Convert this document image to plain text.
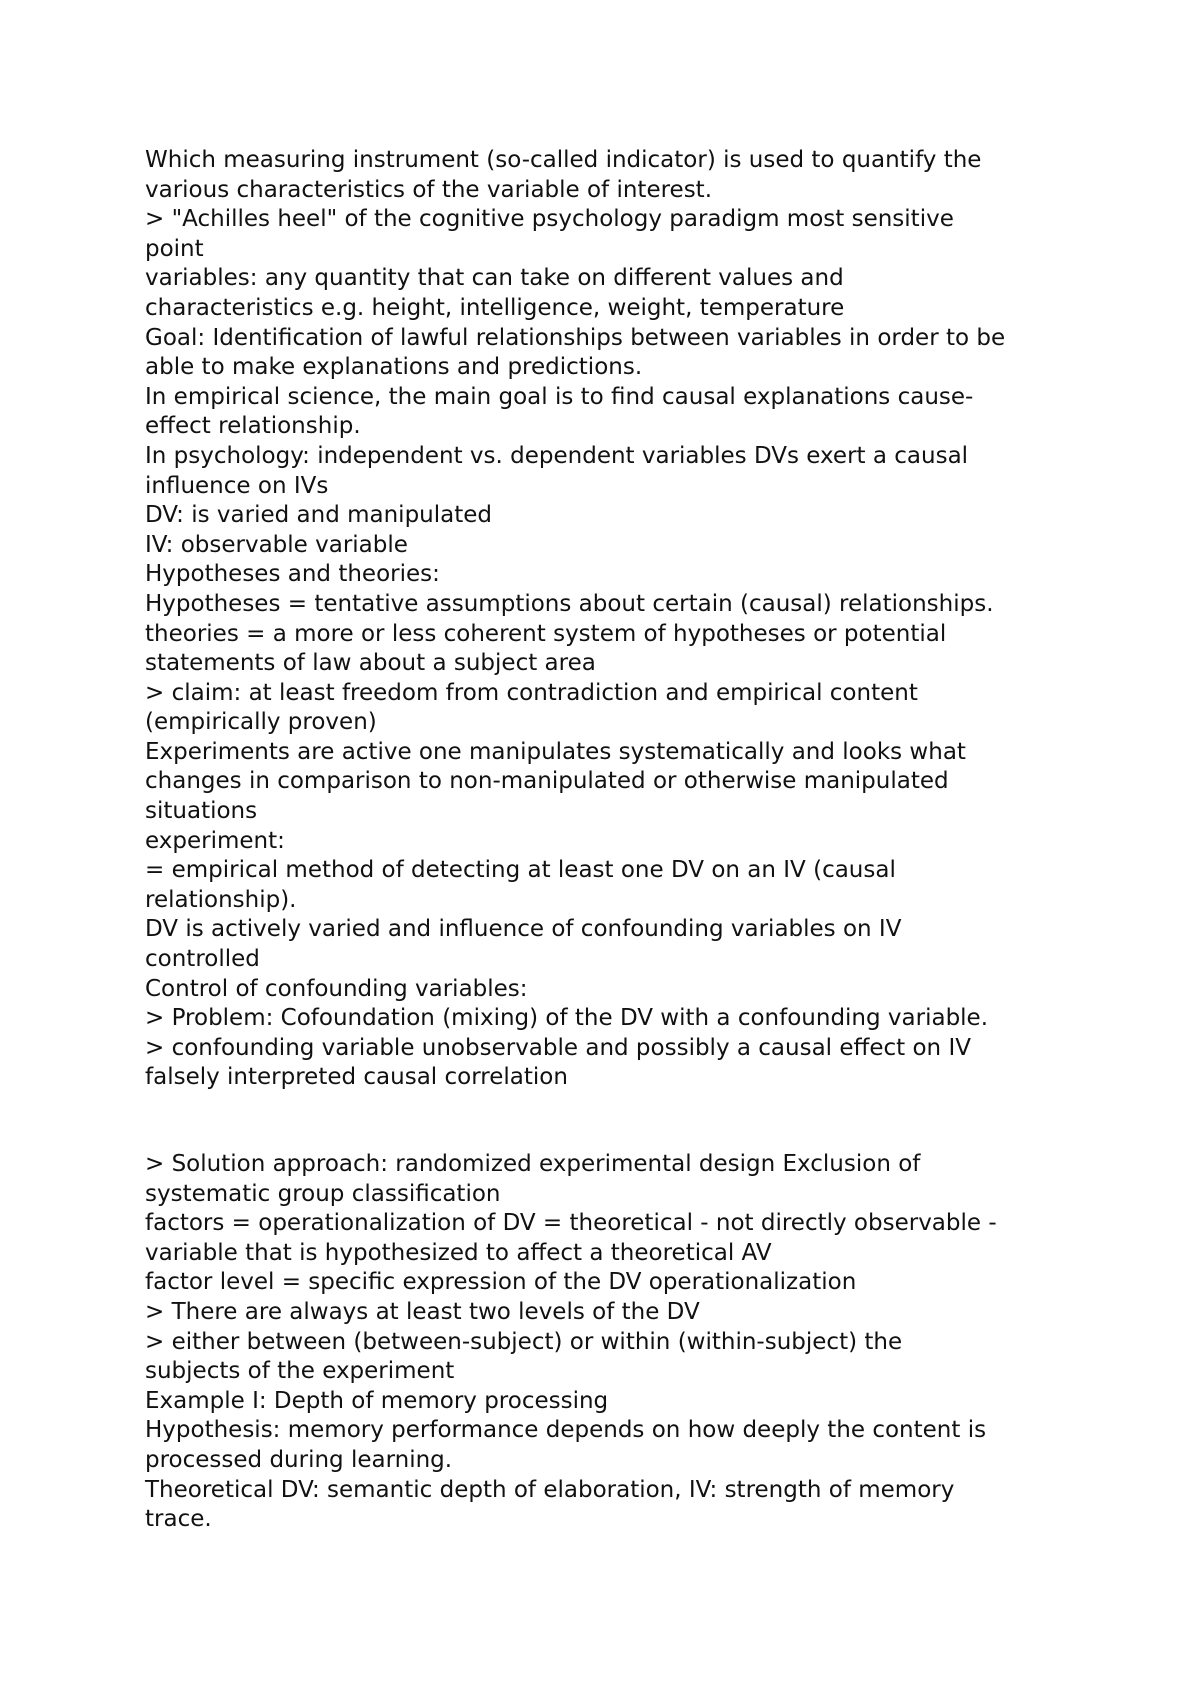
Which measuring instrument (so-called indicator) is used to quantify the
various characteristics of the variable of interest.
> "Achilles heel" of the cognitive psychology paradigm most sensitive
point
variables: any quantity that can take on different values and
characteristics e.g. height, intelligence, weight, temperature
Goal: Identification of lawful relationships between variables in order to be
able to make explanations and predictions.
In empirical science, the main goal is to find causal explanations cause-
effect relationship.
In psychology: independent vs. dependent variables DVs exert a causal
influence on IVs
DV: is varied and manipulated
IV: observable variable
Hypotheses and theories:
Hypotheses = tentative assumptions about certain (causal) relationships.
theories = a more or less coherent system of hypotheses or potential
statements of law about a subject area
> claim: at least freedom from contradiction and empirical content
(empirically proven)
Experiments are active one manipulates systematically and looks what
changes in comparison to non-manipulated or otherwise manipulated
situations
experiment:
= empirical method of detecting at least one DV on an IV (causal
relationship).
DV is actively varied and influence of confounding variables on IV
controlled
Control of confounding variables:
> Problem: Cofoundation (mixing) of the DV with a confounding variable.
> confounding variable unobservable and possibly a causal effect on IV
falsely interpreted causal correlation
> Solution approach: randomized experimental design Exclusion of
systematic group classification
factors = operationalization of DV = theoretical - not directly observable -
variable that is hypothesized to affect a theoretical AV
factor level = specific expression of the DV operationalization
> There are always at least two levels of the DV
> either between (between-subject) or within (within-subject) the
subjects of the experiment
Example I: Depth of memory processing
Hypothesis: memory performance depends on how deeply the content is
processed during learning.
Theoretical DV: semantic depth of elaboration, IV: strength of memory
trace.
